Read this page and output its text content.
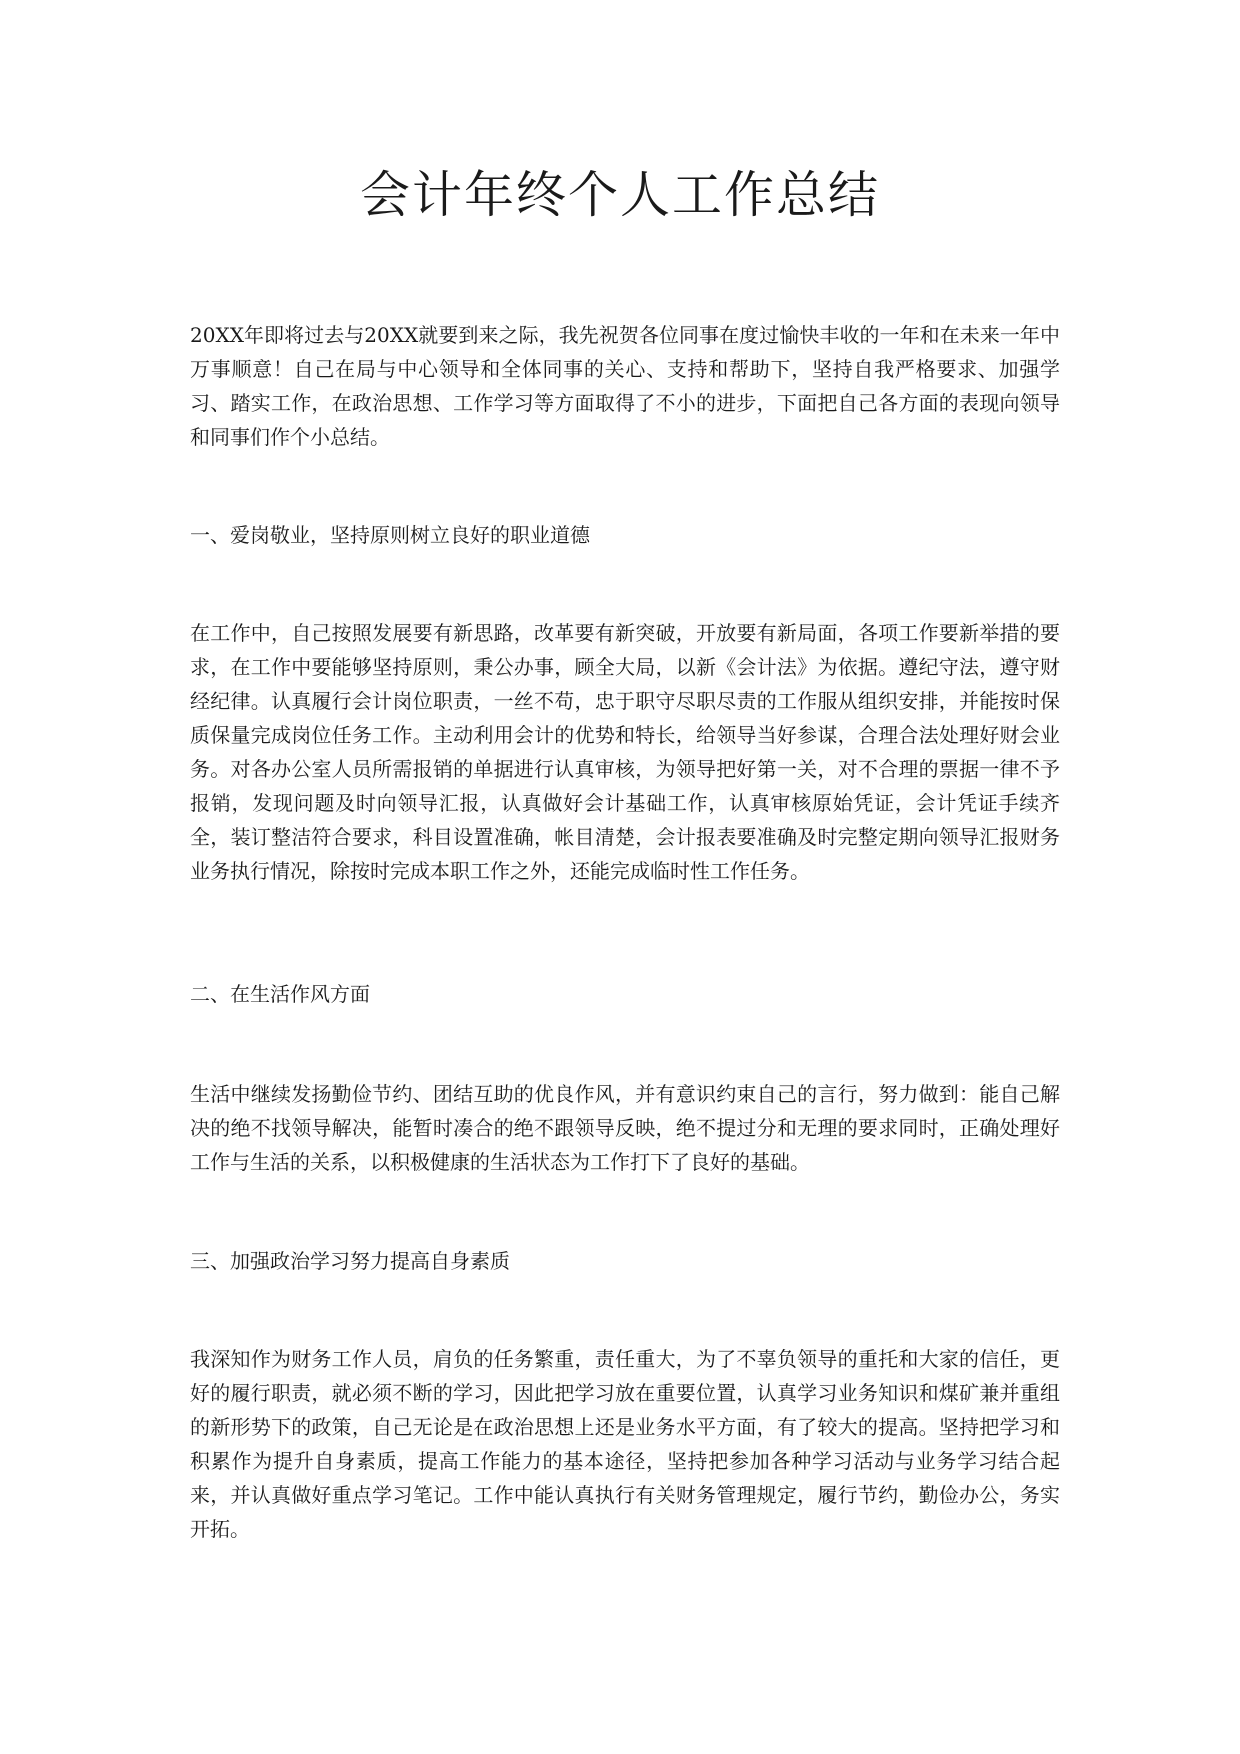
会计年终个人工作总结

20XX年即将过去与20XX就要到来之际，我先祝贺各位同事在度过愉快丰收的一年和在未来一年中万事顺意！自己在局与中心领导和全体同事的关心、支持和帮助下，坚持自我严格要求、加强学习、踏实工作，在政治思想、工作学习等方面取得了不小的进步，下面把自己各方面的表现向领导和同事们作个小总结。

一、爱岗敬业，坚持原则树立良好的职业道德

在工作中，自己按照发展要有新思路，改革要有新突破，开放要有新局面，各项工作要新举措的要求，在工作中要能够坚持原则，秉公办事，顾全大局，以新《会计法》为依据。遵纪守法，遵守财经纪律。认真履行会计岗位职责，一丝不苟，忠于职守尽职尽责的工作服从组织安排，并能按时保质保量完成岗位任务工作。主动利用会计的优势和特长，给领导当好参谋，合理合法处理好财会业务。对各办公室人员所需报销的单据进行认真审核，为领导把好第一关，对不合理的票据一律不予报销，发现问题及时向领导汇报，认真做好会计基础工作，认真审核原始凭证，会计凭证手续齐全，装订整洁符合要求，科目设置准确，帐目清楚，会计报表要准确及时完整定期向领导汇报财务业务执行情况，除按时完成本职工作之外，还能完成临时性工作任务。

二、在生活作风方面

生活中继续发扬勤俭节约、团结互助的优良作风，并有意识约束自己的言行，努力做到：能自己解决的绝不找领导解决，能暂时凑合的绝不跟领导反映，绝不提过分和无理的要求同时，正确处理好工作与生活的关系，以积极健康的生活状态为工作打下了良好的基础。

三、加强政治学习努力提高自身素质

我深知作为财务工作人员，肩负的任务繁重，责任重大，为了不辜负领导的重托和大家的信任，更好的履行职责，就必须不断的学习，因此把学习放在重要位置，认真学习业务知识和煤矿兼并重组的新形势下的政策，自己无论是在政治思想上还是业务水平方面，有了较大的提高。坚持把学习和积累作为提升自身素质，提高工作能力的基本途径，坚持把参加各种学习活动与业务学习结合起来，并认真做好重点学习笔记。工作中能认真执行有关财务管理规定，履行节约，勤俭办公，务实开拓。
